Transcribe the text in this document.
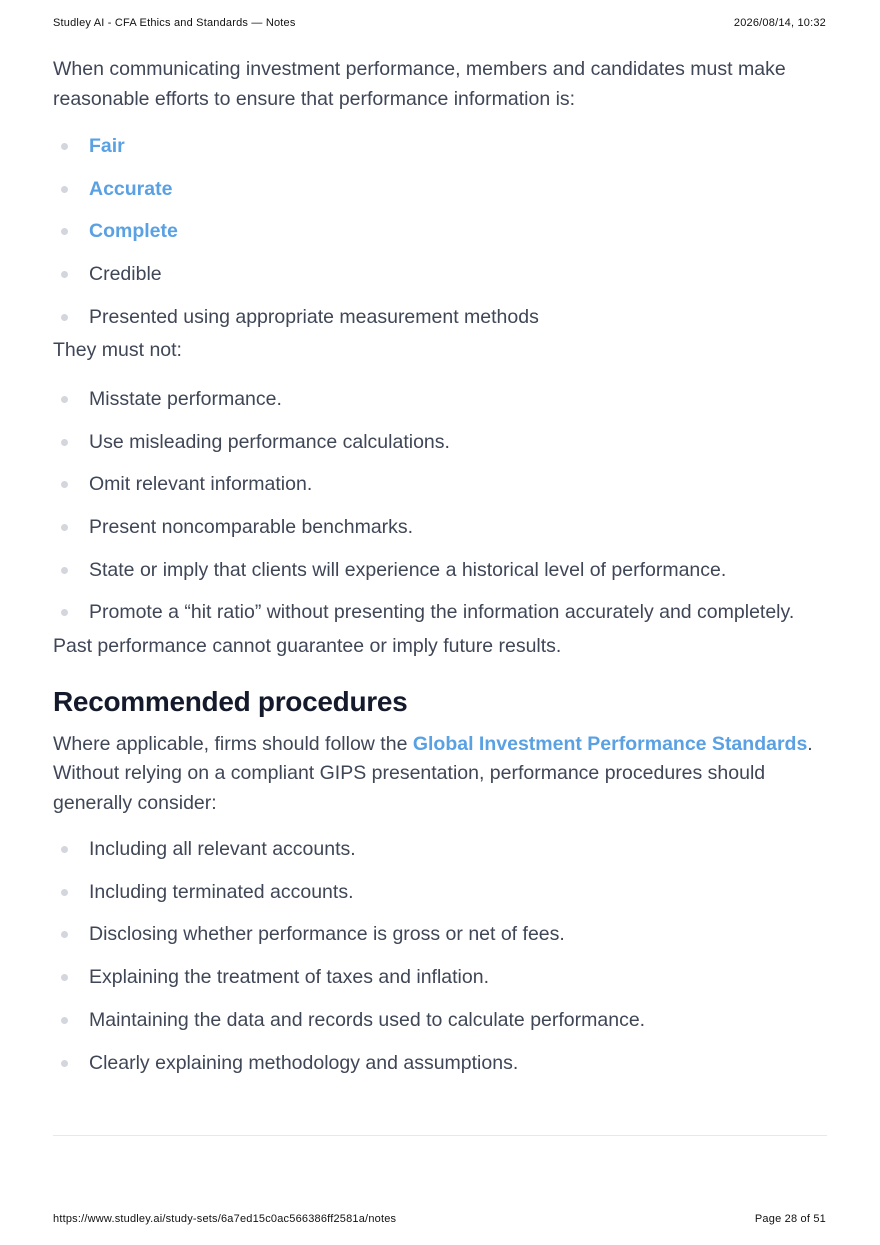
Studley AI - CFA Ethics and Standards — Notes	2026/08/14, 10:32

When communicating investment performance, members and candidates must make reasonable efforts to ensure that performance information is:

Fair
Accurate
Complete
Credible
Presented using appropriate measurement methods

They must not:

Misstate performance.
Use misleading performance calculations.
Omit relevant information.
Present noncomparable benchmarks.
State or imply that clients will experience a historical level of performance.
Promote a “hit ratio” without presenting the information accurately and completely.

Past performance cannot guarantee or imply future results.

Recommended procedures

Where applicable, firms should follow the Global Investment Performance Standards. Without relying on a compliant GIPS presentation, performance procedures should generally consider:

Including all relevant accounts.
Including terminated accounts.
Disclosing whether performance is gross or net of fees.
Explaining the treatment of taxes and inflation.
Maintaining the data and records used to calculate performance.
Clearly explaining methodology and assumptions.
https://www.studley.ai/study-sets/6a7ed15c0ac566386ff2581a/notes	Page 28 of 51
